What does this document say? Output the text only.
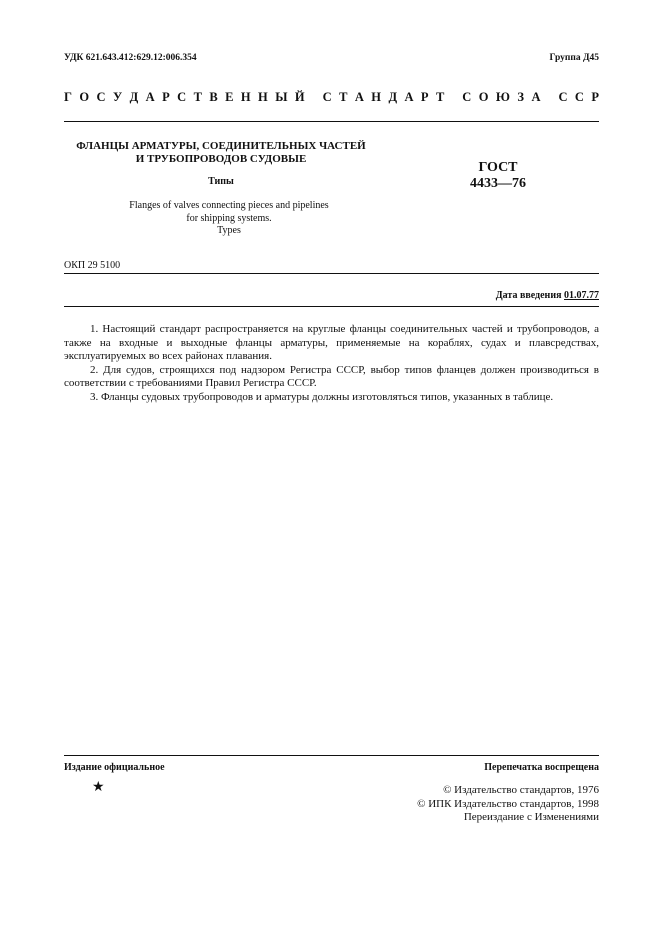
УДК 621.643.412:629.12:006.354	Группа Д45
Г О С У Д А Р С Т В Е Н Н Ы Й
С Т А Н Д А Р Т
С О Ю З А
С С Р
ФЛАНЦЫ АРМАТУРЫ, СОЕДИНИТЕЛЬНЫХ ЧАСТЕЙ
И ТРУБОПРОВОДОВ СУДОВЫЕ
Типы
Flanges of valves connecting pieces and pipelines
for shipping systems.
Types
ГОСТ
4433—76
ОКП 29 5100
Дата введения 01.07.77

1. Настоящий стандарт распространяется на круглые фланцы соединительных частей и трубопроводов, а также на входные и выходные фланцы арматуры, применяемые на кораблях, судах и плавсредствах, эксплуатируемых во всех районах плавания.

2. Для судов, строящихся под надзором Регистра СССР, выбор типов фланцев должен производиться в соответствии с требованиями Правил Регистра СССР.

3. Фланцы судовых трубопроводов и арматуры должны изготовляться типов, указанных в таблице.

Издание официальное	Перепечатка воспрещена
★	© Издательство стандартов, 1976
© ИПК Издательство стандартов, 1998
Переиздание с Изменениями
